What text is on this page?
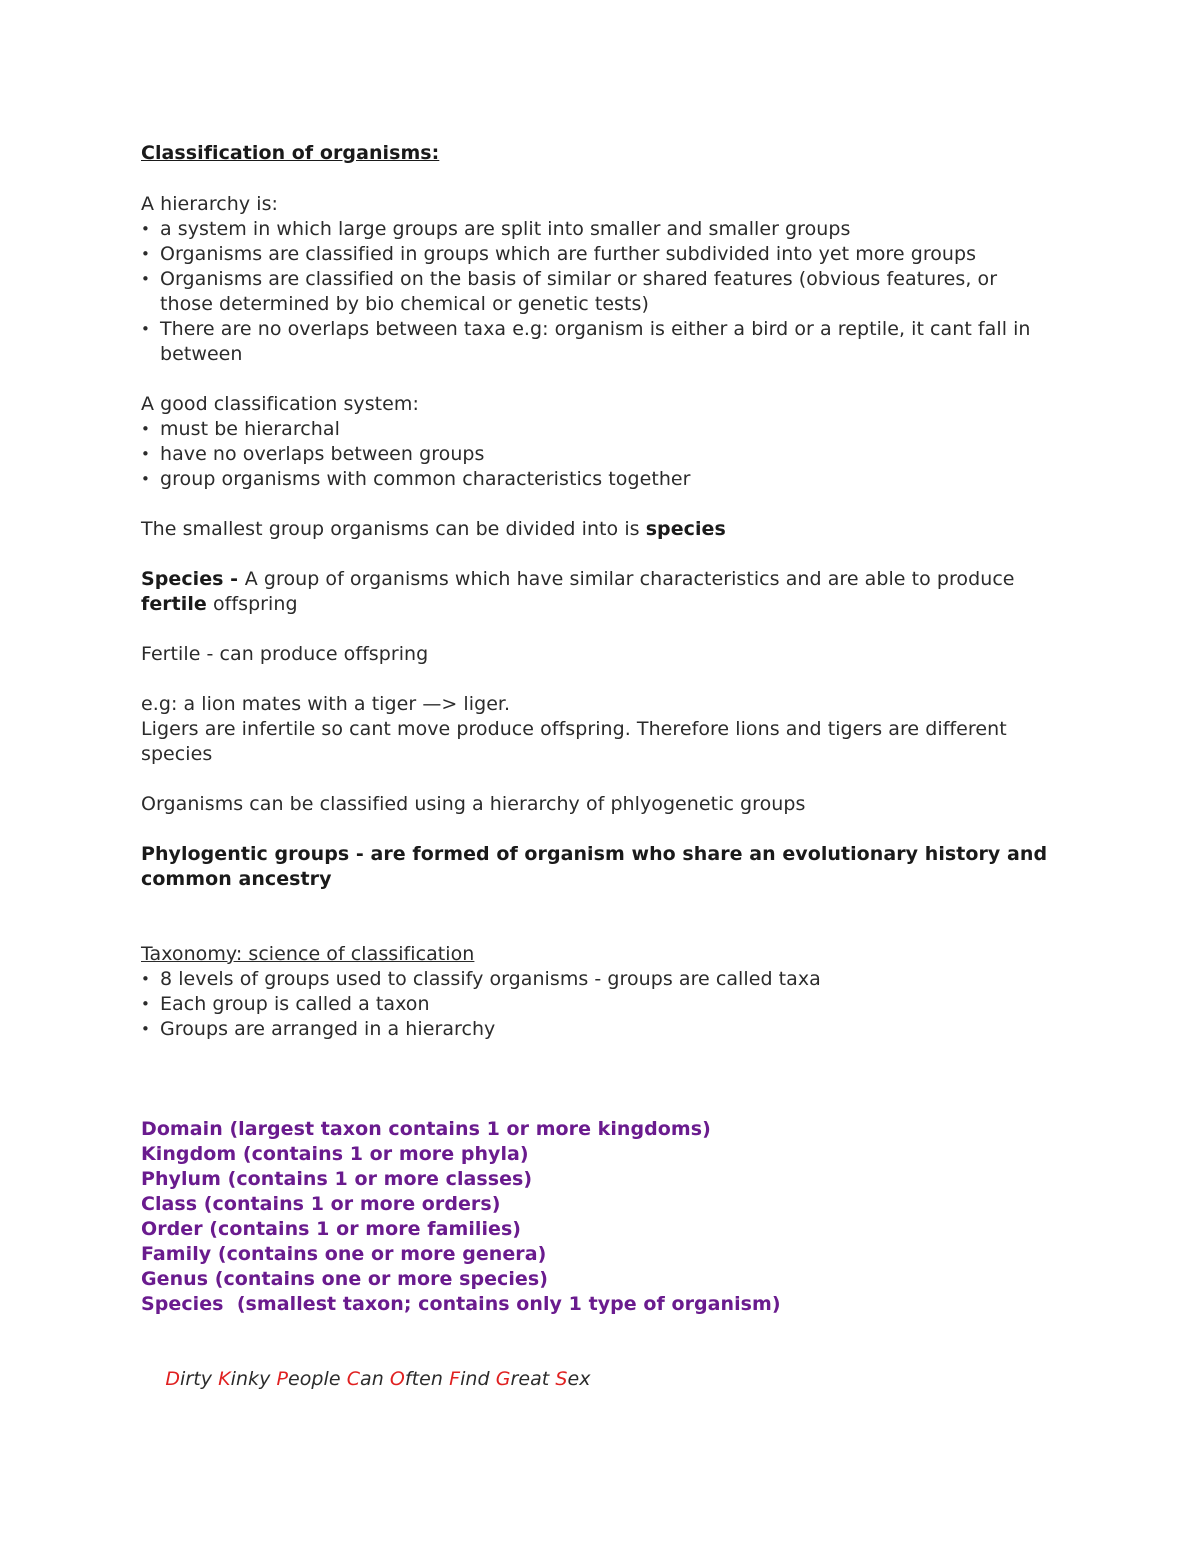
Classification of organisms:
A hierarchy is:
• a system in which large groups are split into smaller and smaller groups
• Organisms are classified in groups which are further subdivided into yet more groups
• Organisms are classified on the basis of similar or shared features (obvious features, or
those determined by bio chemical or genetic tests)
• There are no overlaps between taxa e.g: organism is either a bird or a reptile, it cant fall in
between
A good classification system:
• must be hierarchal
• have no overlaps between groups
• group organisms with common characteristics together
The smallest group organisms can be divided into is species
Species - A group of organisms which have similar characteristics and are able to produce
fertile offspring
Fertile - can produce offspring
e.g: a lion mates with a tiger —> liger.
Ligers are infertile so cant move produce offspring. Therefore lions and tigers are different
species
Organisms can be classified using a hierarchy of phlyogenetic groups
Phylogentic groups - are formed of organism who share an evolutionary history and
common ancestry
Taxonomy: science of classification
• 8 levels of groups used to classify organisms - groups are called taxa
• Each group is called a taxon
• Groups are arranged in a hierarchy
Domain (largest taxon contains 1 or more kingdoms)
Kingdom (contains 1 or more phyla)
Phylum (contains 1 or more classes)
Class (contains 1 or more orders)
Order (contains 1 or more families)
Family (contains one or more genera)
Genus (contains one or more species)
Species  (smallest taxon; contains only 1 type of organism)

Dirty Kinky People Can Often Find Great Sex
